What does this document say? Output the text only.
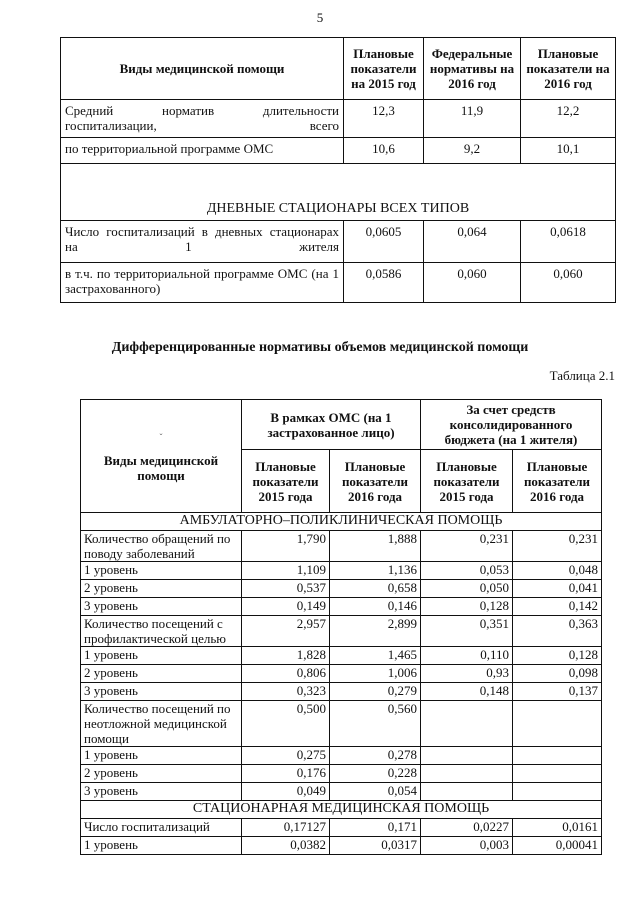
5
Виды медицинской помощи	Плановые показатели на 2015 год	Федеральные нормативы на 2016 год	Плановые показатели на 2016 год
Средний норматив длительности госпитализации, всего	12,3	11,9	12,2
по территориальной программе ОМС	10,6	9,2	10,1
ДНЕВНЫЕ СТАЦИОНАРЫ ВСЕХ ТИПОВ			
Число госпитализаций в дневных стационарах на 1 жителя	0,0605	0,064	0,0618
в т.ч. по территориальной программе ОМС (на 1 застрахованного)	0,0586	0,060	0,060
Дифференцированные нормативы объемов медицинской помощи
Таблица 2.1
ˇ
Виды медицинской помощи	В рамках ОМС (на 1 застрахованное лицо)		За счет средств консолидированного бюджета (на 1 жителя)	
	Плановые показатели 2015 года	Плановые показатели 2016 года	Плановые показатели 2015 года	Плановые показатели 2016 года
АМБУЛАТОРНО–ПОЛИКЛИНИЧЕСКАЯ ПОМОЩЬ				
Количество обращений по поводу заболеваний	1,790	1,888	0,231	0,231
1 уровень	1,109	1,136	0,053	0,048
2 уровень	0,537	0,658	0,050	0,041
3 уровень	0,149	0,146	0,128	0,142
Количество посещений с профилактической целью	2,957	2,899	0,351	0,363
1 уровень	1,828	1,465	0,110	0,128
2 уровень	0,806	1,006	0,93	0,098
3 уровень	0,323	0,279	0,148	0,137
Количество посещений по неотложной медицинской помощи	0,500	0,560		
1 уровень	0,275	0,278		
2 уровень	0,176	0,228		
3 уровень	0,049	0,054		
СТАЦИОНАРНАЯ МЕДИЦИНСКАЯ ПОМОЩЬ				
Число госпитализаций	0,17127	0,171	0,0227	0,0161
1 уровень	0,0382	0,0317	0,003	0,00041
